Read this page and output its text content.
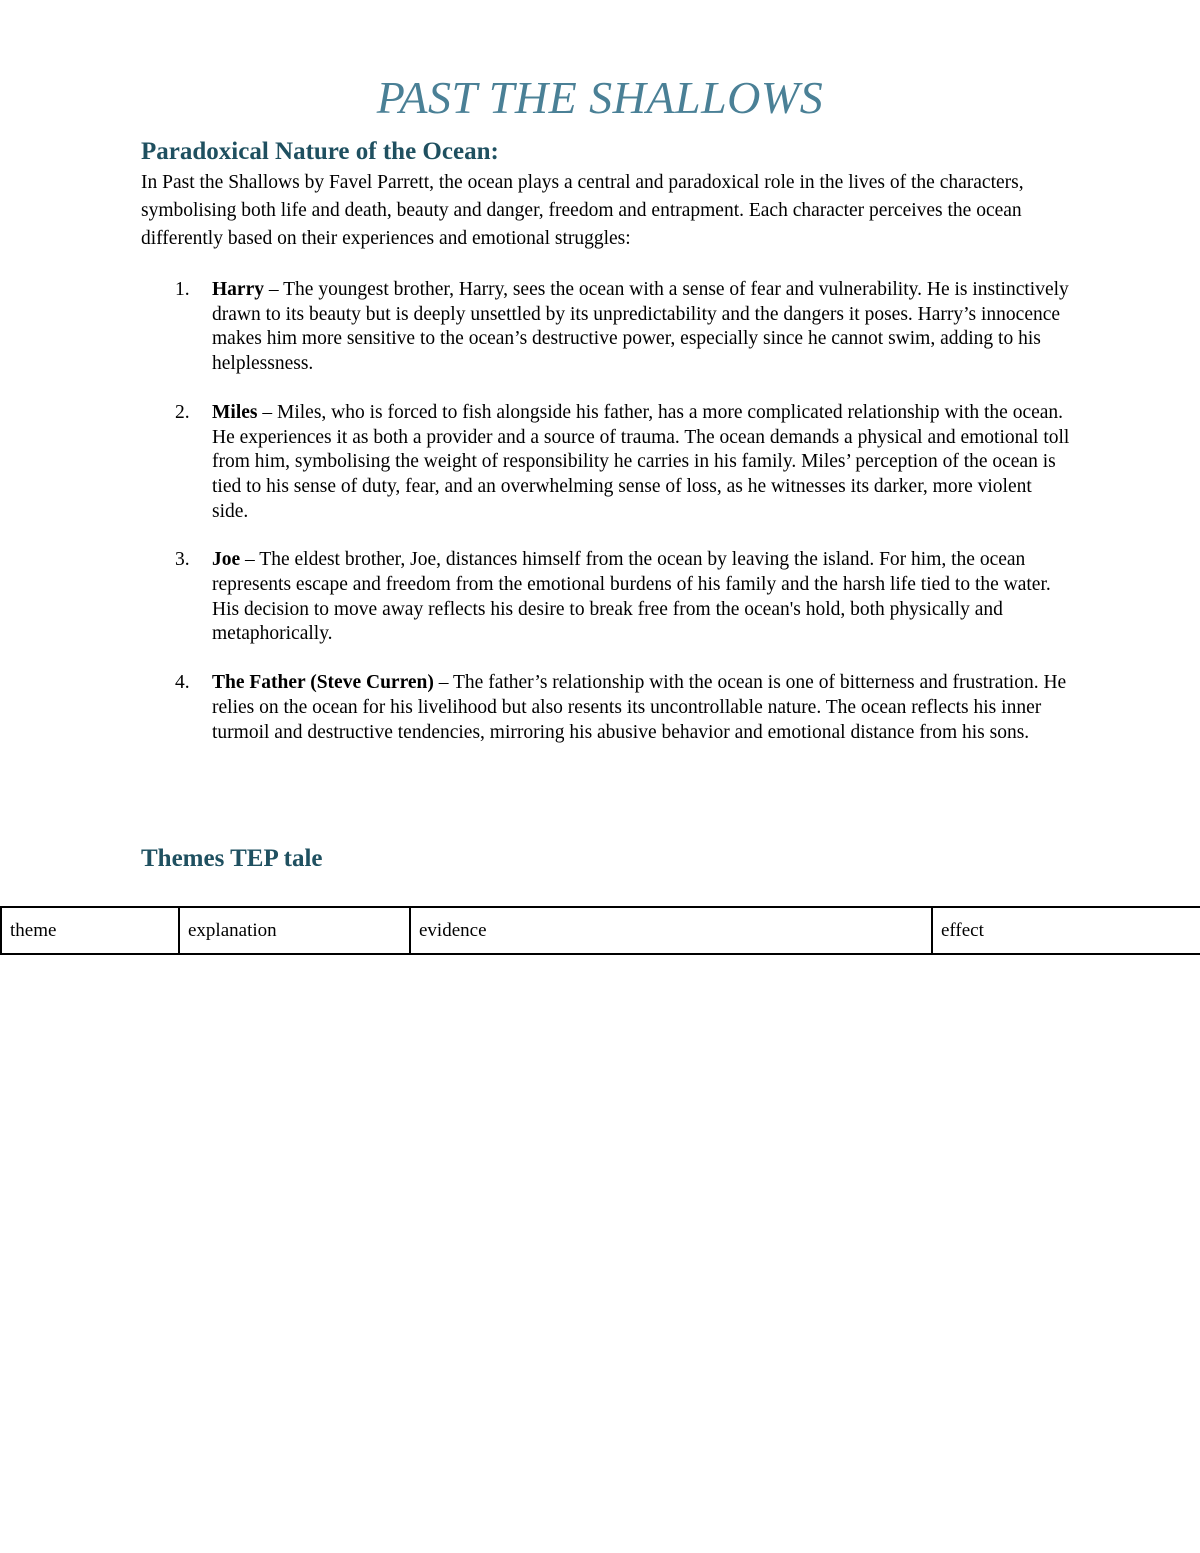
PAST THE SHALLOWS
Paradoxical Nature of the Ocean:

In Past the Shallows by Favel Parrett, the ocean plays a central and paradoxical role in the lives of the characters, symbolising both life and death, beauty and danger, freedom and entrapment. Each character perceives the ocean differently based on their experiences and emotional struggles:

1. Harry – The youngest brother, Harry, sees the ocean with a sense of fear and vulnerability. He is instinctively drawn to its beauty but is deeply unsettled by its unpredictability and the dangers it poses. Harry’s innocence makes him more sensitive to the ocean’s destructive power, especially since he cannot swim, adding to his helplessness.
2. Miles – Miles, who is forced to fish alongside his father, has a more complicated relationship with the ocean. He experiences it as both a provider and a source of trauma. The ocean demands a physical and emotional toll from him, symbolising the weight of responsibility he carries in his family. Miles’ perception of the ocean is tied to his sense of duty, fear, and an overwhelming sense of loss, as he witnesses its darker, more violent side.
3. Joe – The eldest brother, Joe, distances himself from the ocean by leaving the island. For him, the ocean represents escape and freedom from the emotional burdens of his family and the harsh life tied to the water. His decision to move away reflects his desire to break free from the ocean's hold, both physically and metaphorically.
4. The Father (Steve Curren) – The father’s relationship with the ocean is one of bitterness and frustration. He relies on the ocean for his livelihood but also resents its uncontrollable nature. The ocean reflects his inner turmoil and destructive tendencies, mirroring his abusive behavior and emotional distance from his sons.
Themes TEP tale
theme	explanation	evidence	effect
